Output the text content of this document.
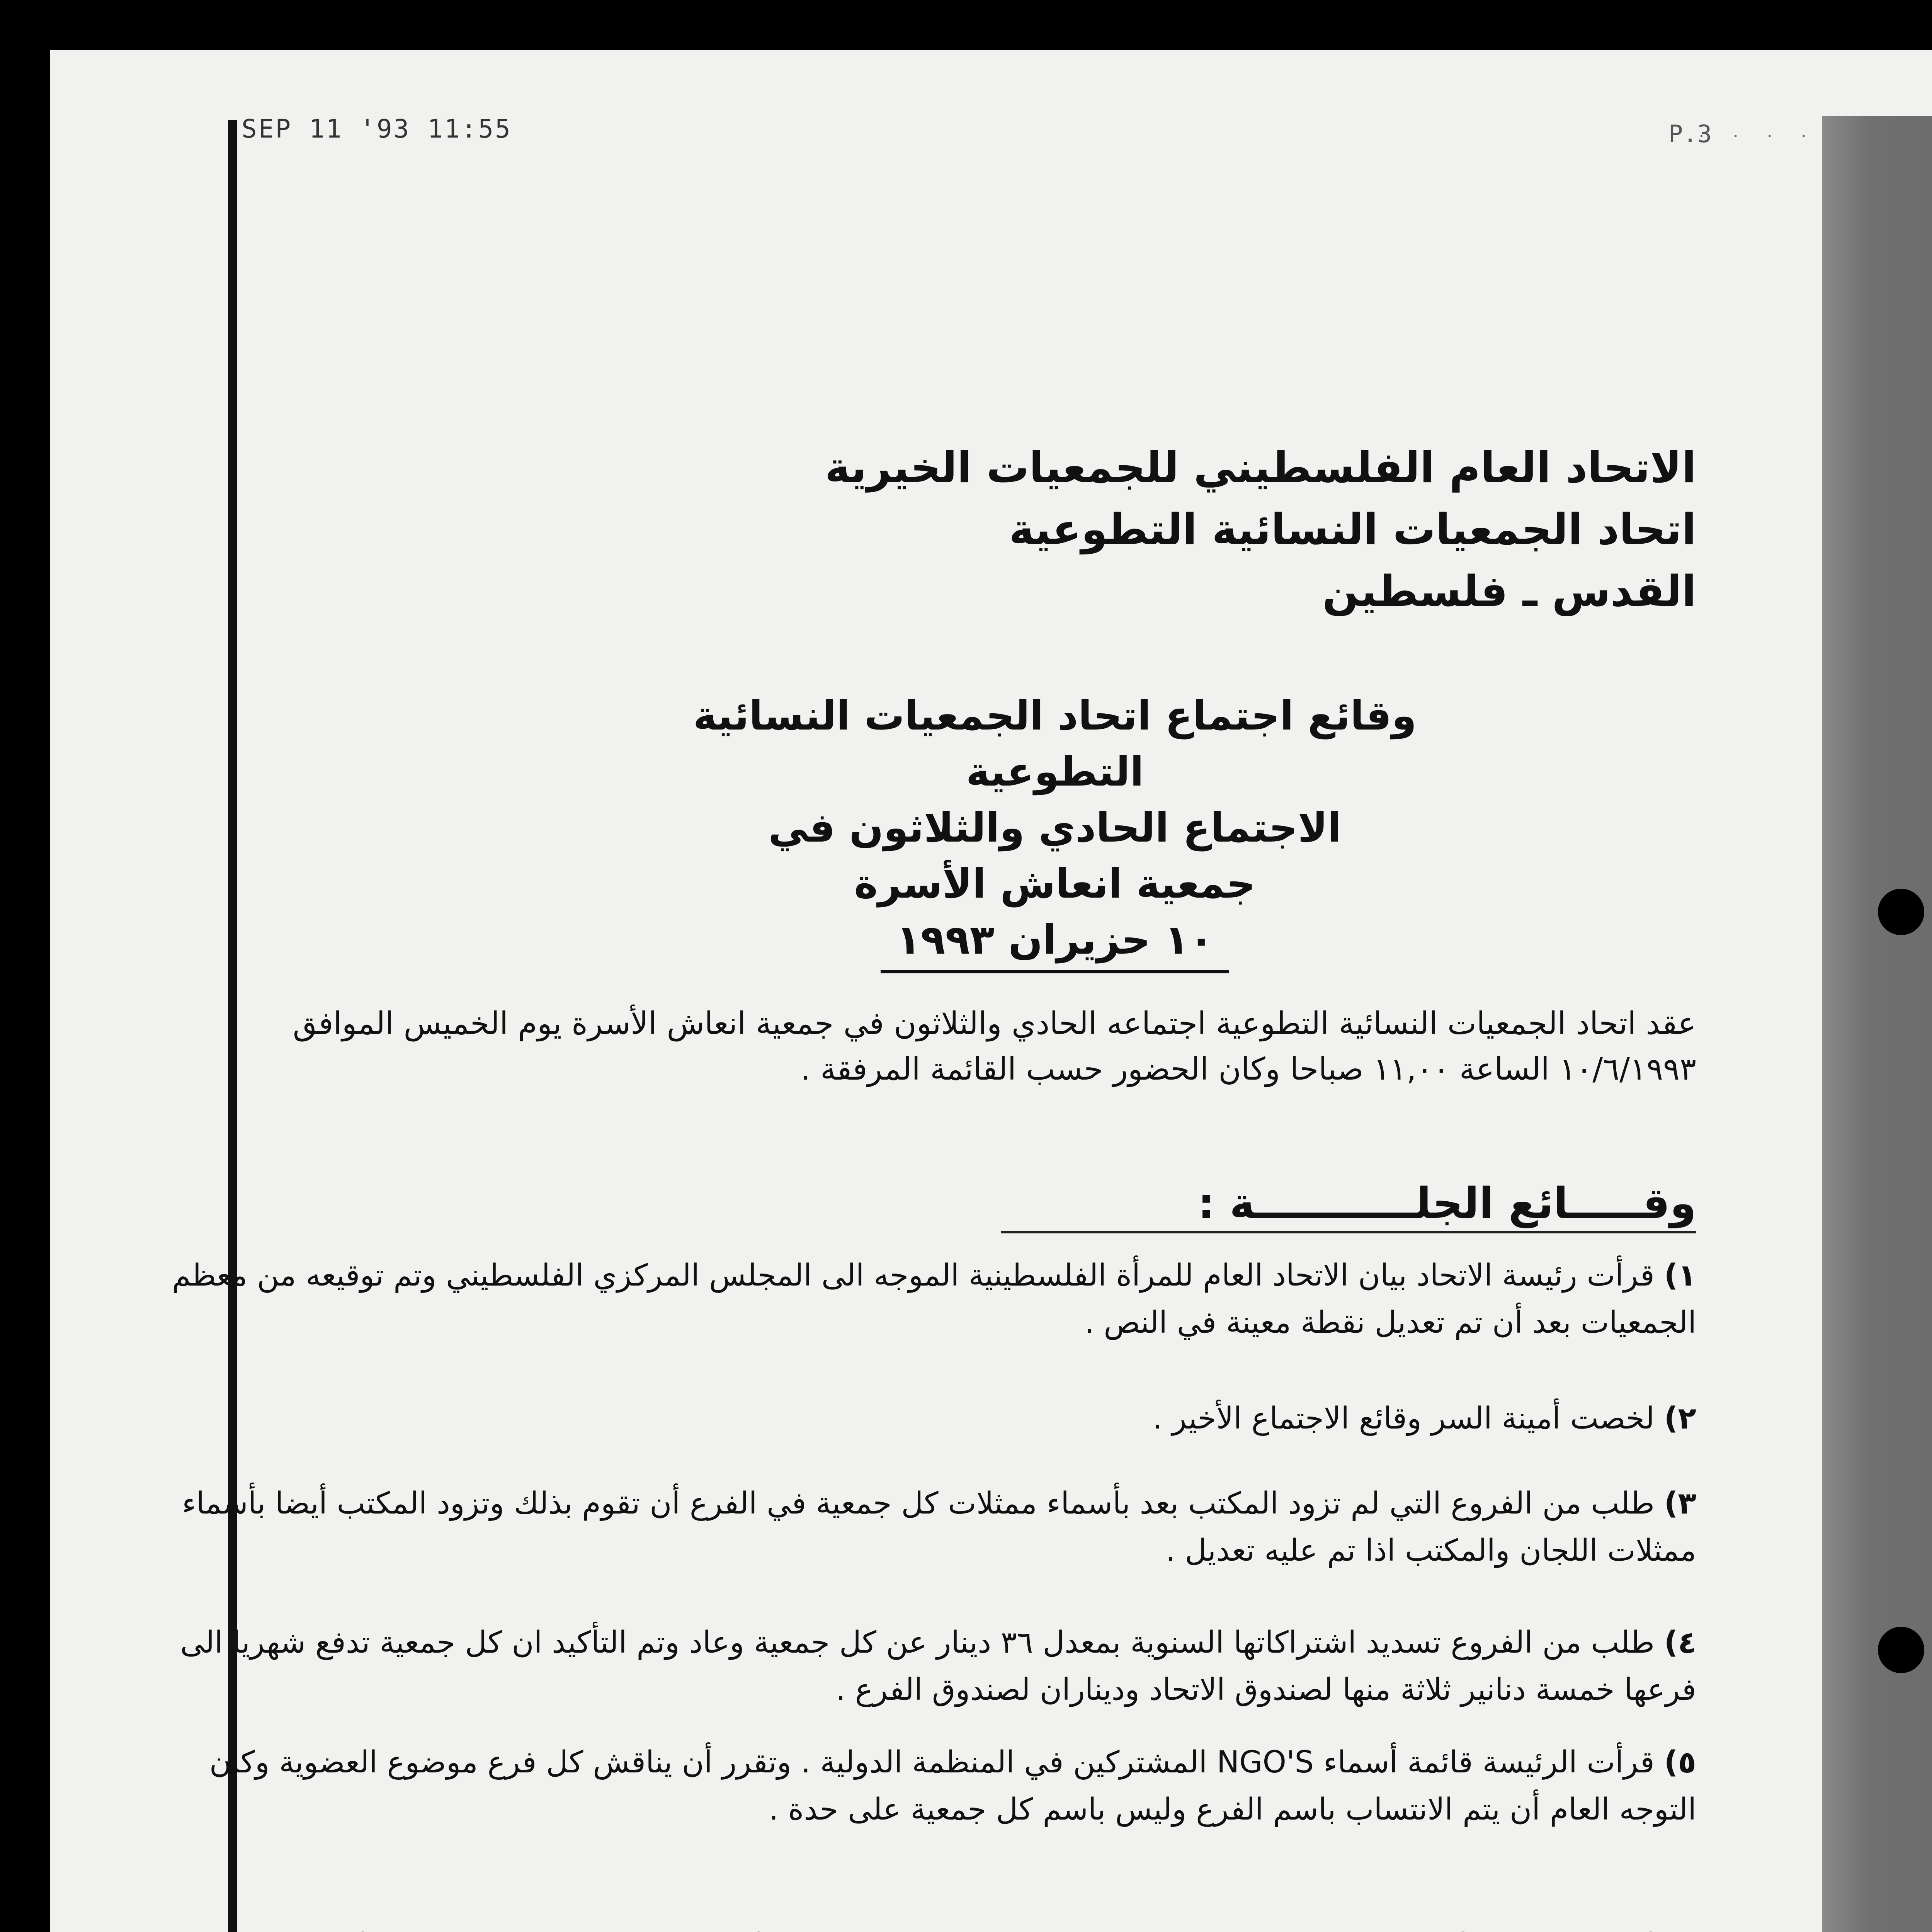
SEP 11 '93 11:55	P.3
· · · ·
الاتحاد العام الفلسطيني للجمعيات الخيرية
اتحاد الجمعيات النسائية التطوعية
القدس ـ فلسطين
وقائع اجتماع اتحاد الجمعيات النسائية التطوعية
الاجتماع الحادي والثلاثون في
جمعية انعاش الأسرة
١٠ حزيران ١٩٩٣
عقد اتحاد الجمعيات النسائية التطوعية اجتماعه الحادي والثلاثون في جمعية انعاش الأسرة يوم الخميس الموافق ١٠/٦/١٩٩٣ الساعة ١١,٠٠ صباحا وكان الحضور حسب القائمة المرفقة .
وقـــــائع الجلـــــــــــة :
١) قرأت رئيسة الاتحاد بيان الاتحاد العام للمرأة الفلسطينية الموجه الى المجلس المركزي الفلسطيني وتم توقيعه من معظم الجمعيات بعد أن تم تعديل نقطة معينة في النص .
٢) لخصت أمينة السر وقائع الاجتماع الأخير .
٣) طلب من الفروع التي لم تزود المكتب بعد بأسماء ممثلات كل جمعية في الفرع أن تقوم بذلك وتزود المكتب أيضا بأسماء ممثلات اللجان والمكتب اذا تم عليه تعديل .
٤) طلب من الفروع تسديد اشتراكاتها السنوية بمعدل ٣٦ دينار عن كل جمعية وعاد وتم التأكيد ان كل جمعية تدفع شهريا الى فرعها خمسة دنانير ثلاثة منها لصندوق الاتحاد وديناران لصندوق الفرع .
٥) قرأت الرئيسة قائمة أسماء NGO'S المشتركين في المنظمة الدولية . وتقرر أن يناقش كل فرع موضوع العضوية وكان التوجه العام أن يتم الانتساب باسم الفرع وليس باسم كل جمعية على حدة .
